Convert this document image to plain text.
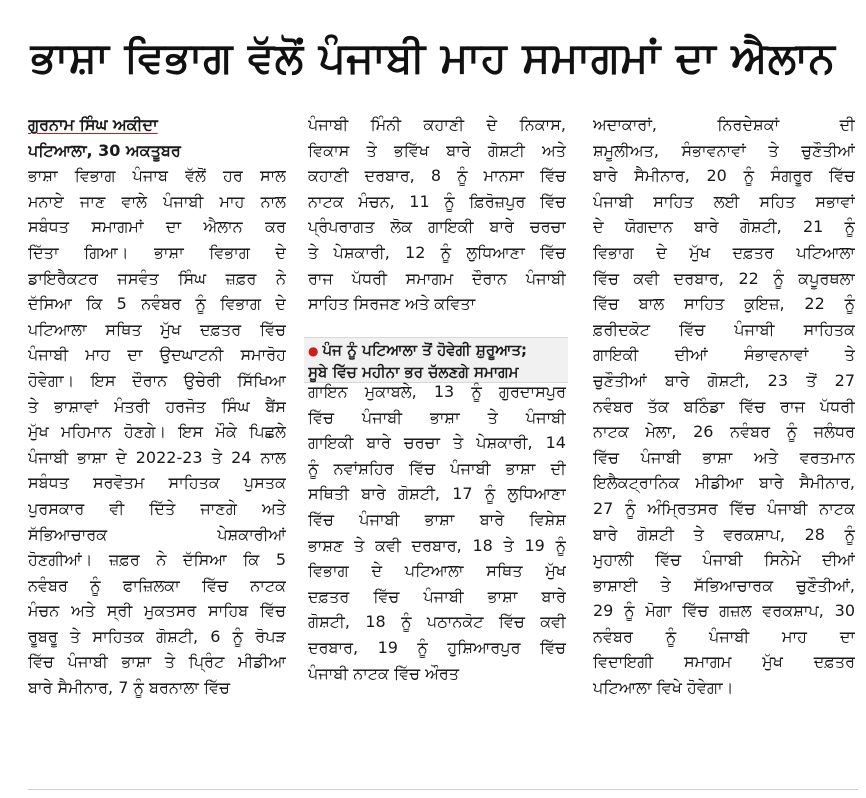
ਭਾਸ਼ਾ ਵਿਭਾਗ ਵੱਲੋਂ ਪੰਜਾਬੀ ਮਾਹ ਸਮਾਗਮਾਂ ਦਾ ਐਲਾਨ
ਗੁਰਨਾਮ ਸਿੰਘ ਅਕੀਦਾ
ਪਟਿਆਲਾ, 30 ਅਕਤੂਬਰ
ਭਾਸ਼ਾ ਵਿਭਾਗ ਪੰਜਾਬ ਵੱਲੋਂ ਹਰ ਸਾਲ
ਮਨਾਏ ਜਾਣ ਵਾਲੇ ਪੰਜਾਬੀ ਮਾਹ ਨਾਲ
ਸਬੰਧਤ ਸਮਾਗਮਾਂ ਦਾ ਐਲਾਨ ਕਰ
ਦਿੱਤਾ ਗਿਆ। ਭਾਸ਼ਾ ਵਿਭਾਗ ਦੇ
ਡਾਇਰੈਕਟਰ ਜਸਵੰਤ ਸਿੰਘ ਜ਼ਫ਼ਰ ਨੇ
ਦੱਸਿਆ ਕਿ 5 ਨਵੰਬਰ ਨੂੰ ਵਿਭਾਗ ਦੇ
ਪਟਿਆਲਾ ਸਥਿਤ ਮੁੱਖ ਦਫ਼ਤਰ ਵਿੱਚ
ਪੰਜਾਬੀ ਮਾਹ ਦਾ ਉਦਘਾਟਨੀ ਸਮਾਰੋਹ
ਹੋਵੇਗਾ। ਇਸ ਦੌਰਾਨ ਉਚੇਰੀ ਸਿੱਖਿਆ
ਤੇ ਭਾਸ਼ਾਵਾਂ ਮੰਤਰੀ ਹਰਜੋਤ ਸਿੰਘ ਬੈਂਸ
ਮੁੱਖ ਮਹਿਮਾਨ ਹੋਣਗੇ। ਇਸ ਮੌਕੇ ਪਿਛਲੇ
ਪੰਜਾਬੀ ਭਾਸ਼ਾ ਦੇ 2022-23 ਤੇ 24 ਨਾਲ
ਸਬੰਧਤ ਸਰਵੋਤਮ ਸਾਹਿਤਕ ਪੁਸਤਕ
ਪੁਰਸਕਾਰ ਵੀ ਦਿੱਤੇ ਜਾਣਗੇ ਅਤੇ
ਸੱਭਿਆਚਾਰਕ ਪੇਸ਼ਕਾਰੀਆਂ
ਹੋਣਗੀਆਂ। ਜ਼ਫ਼ਰ ਨੇ ਦੱਸਿਆ ਕਿ 5
ਨਵੰਬਰ ਨੂੰ ਫਾਜ਼ਿਲਕਾ ਵਿੱਚ ਨਾਟਕ
ਮੰਚਨ ਅਤੇ ਸ੍ਰੀ ਮੁਕਤਸਰ ਸਾਹਿਬ ਵਿੱਚ
ਰੂਬਰੂ ਤੇ ਸਾਹਿਤਕ ਗੋਸ਼ਟੀ, 6 ਨੂੰ ਰੋਪੜ
ਵਿੱਚ ਪੰਜਾਬੀ ਭਾਸ਼ਾ ਤੇ ਪ੍ਰਿੰਟ ਮੀਡੀਆ
ਬਾਰੇ ਸੈਮੀਨਾਰ, 7 ਨੂੰ ਬਰਨਾਲਾ ਵਿੱਚ
ਪੰਜਾਬੀ ਮਿੰਨੀ ਕਹਾਣੀ ਦੇ ਨਿਕਾਸ,
ਵਿਕਾਸ ਤੇ ਭਵਿੱਖ ਬਾਰੇ ਗੋਸ਼ਟੀ ਅਤੇ
ਕਹਾਣੀ ਦਰਬਾਰ, 8 ਨੂੰ ਮਾਨਸਾ ਵਿੱਚ
ਨਾਟਕ ਮੰਚਨ, 11 ਨੂੰ ਫ਼ਿਰੋਜ਼ਪੁਰ ਵਿੱਚ
ਪ੍ਰੰਪਰਾਗਤ ਲੋਕ ਗਾਇਕੀ ਬਾਰੇ ਚਰਚਾ
ਤੇ ਪੇਸ਼ਕਾਰੀ, 12 ਨੂੰ ਲੁਧਿਆਣਾ ਵਿੱਚ
ਰਾਜ ਪੱਧਰੀ ਸਮਾਗਮ ਦੌਰਾਨ ਪੰਜਾਬੀ
ਸਾਹਿਤ ਸਿਰਜਣ ਅਤੇ ਕਵਿਤਾ
● ਪੰਜ ਨੂੰ ਪਟਿਆਲਾ ਤੋਂ ਹੋਵੇਗੀ ਸ਼ੁਰੂਆਤ;
ਸੂਬੇ ਵਿੱਚ ਮਹੀਨਾ ਭਰ ਚੱਲਣਗੇ ਸਮਾਗਮ
ਗਾਇਨ ਮੁਕਾਬਲੇ, 13 ਨੂੰ ਗੁਰਦਾਸਪੁਰ
ਵਿੱਚ ਪੰਜਾਬੀ ਭਾਸ਼ਾ ਤੇ ਪੰਜਾਬੀ
ਗਾਇਕੀ ਬਾਰੇ ਚਰਚਾ ਤੇ ਪੇਸ਼ਕਾਰੀ, 14
ਨੂੰ ਨਵਾਂਸ਼ਹਿਰ ਵਿੱਚ ਪੰਜਾਬੀ ਭਾਸ਼ਾ ਦੀ
ਸਥਿਤੀ ਬਾਰੇ ਗੋਸ਼ਟੀ, 17 ਨੂੰ ਲੁਧਿਆਣਾ
ਵਿੱਚ ਪੰਜਾਬੀ ਭਾਸ਼ਾ ਬਾਰੇ ਵਿਸ਼ੇਸ਼
ਭਾਸ਼ਣ ਤੇ ਕਵੀ ਦਰਬਾਰ, 18 ਤੇ 19 ਨੂੰ
ਵਿਭਾਗ ਦੇ ਪਟਿਆਲਾ ਸਥਿਤ ਮੁੱਖ
ਦਫ਼ਤਰ ਵਿੱਚ ਪੰਜਾਬੀ ਭਾਸ਼ਾ ਬਾਰੇ
ਗੋਸ਼ਟੀ, 18 ਨੂੰ ਪਠਾਨਕੋਟ ਵਿੱਚ ਕਵੀ
ਦਰਬਾਰ, 19 ਨੂੰ ਹੁਸ਼ਿਆਰਪੁਰ ਵਿੱਚ
ਪੰਜਾਬੀ ਨਾਟਕ ਵਿੱਚ ਔਰਤ
ਅਦਾਕਾਰਾਂ, ਨਿਰਦੇਸ਼ਕਾਂ ਦੀ
ਸ਼ਮੂਲੀਅਤ, ਸੰਭਾਵਨਾਵਾਂ ਤੇ ਚੁਣੌਤੀਆਂ
ਬਾਰੇ ਸੈਮੀਨਾਰ, 20 ਨੂੰ ਸੰਗਰੂਰ ਵਿੱਚ
ਪੰਜਾਬੀ ਸਾਹਿਤ ਲਈ ਸਹਿਤ ਸਭਾਵਾਂ
ਦੇ ਯੋਗਦਾਨ ਬਾਰੇ ਗੋਸ਼ਟੀ, 21 ਨੂੰ
ਵਿਭਾਗ ਦੇ ਮੁੱਖ ਦਫ਼ਤਰ ਪਟਿਆਲਾ
ਵਿੱਚ ਕਵੀ ਦਰਬਾਰ, 22 ਨੂੰ ਕਪੂਰਥਲਾ
ਵਿੱਚ ਬਾਲ ਸਾਹਿਤ ਕੁਇਜ਼, 22 ਨੂੰ
ਫ਼ਰੀਦਕੋਟ ਵਿੱਚ ਪੰਜਾਬੀ ਸਾਹਿਤਕ
ਗਾਇਕੀ ਦੀਆਂ ਸੰਭਾਵਨਾਵਾਂ ਤੇ
ਚੁਣੌਤੀਆਂ ਬਾਰੇ ਗੋਸ਼ਟੀ, 23 ਤੋਂ 27
ਨਵੰਬਰ ਤੱਕ ਬਠਿੰਡਾ ਵਿੱਚ ਰਾਜ ਪੱਧਰੀ
ਨਾਟਕ ਮੇਲਾ, 26 ਨਵੰਬਰ ਨੂੰ ਜਲੰਧਰ
ਵਿੱਚ ਪੰਜਾਬੀ ਭਾਸ਼ਾ ਅਤੇ ਵਰਤਮਾਨ
ਇਲੈਕਟ੍ਰਾਨਿਕ ਮੀਡੀਆ ਬਾਰੇ ਸੈਮੀਨਾਰ,
27 ਨੂੰ ਅੰਮ੍ਰਿਤਸਰ ਵਿੱਚ ਪੰਜਾਬੀ ਨਾਟਕ
ਬਾਰੇ ਗੋਸ਼ਟੀ ਤੇ ਵਰਕਸ਼ਾਪ, 28 ਨੂੰ
ਮੁਹਾਲੀ ਵਿੱਚ ਪੰਜਾਬੀ ਸਿਨੇਮੇ ਦੀਆਂ
ਭਾਸ਼ਾਈ ਤੇ ਸੱਭਿਆਚਾਰਕ ਚੁਣੌਤੀਆਂ,
29 ਨੂੰ ਮੋਗਾ ਵਿੱਚ ਗਜ਼ਲ ਵਰਕਸ਼ਾਪ, 30
ਨਵੰਬਰ ਨੂੰ ਪੰਜਾਬੀ ਮਾਹ ਦਾ
ਵਿਦਾਇਗੀ ਸਮਾਗਮ ਮੁੱਖ ਦਫ਼ਤਰ
ਪਟਿਆਲਾ ਵਿਖੇ ਹੋਵੇਗਾ।
